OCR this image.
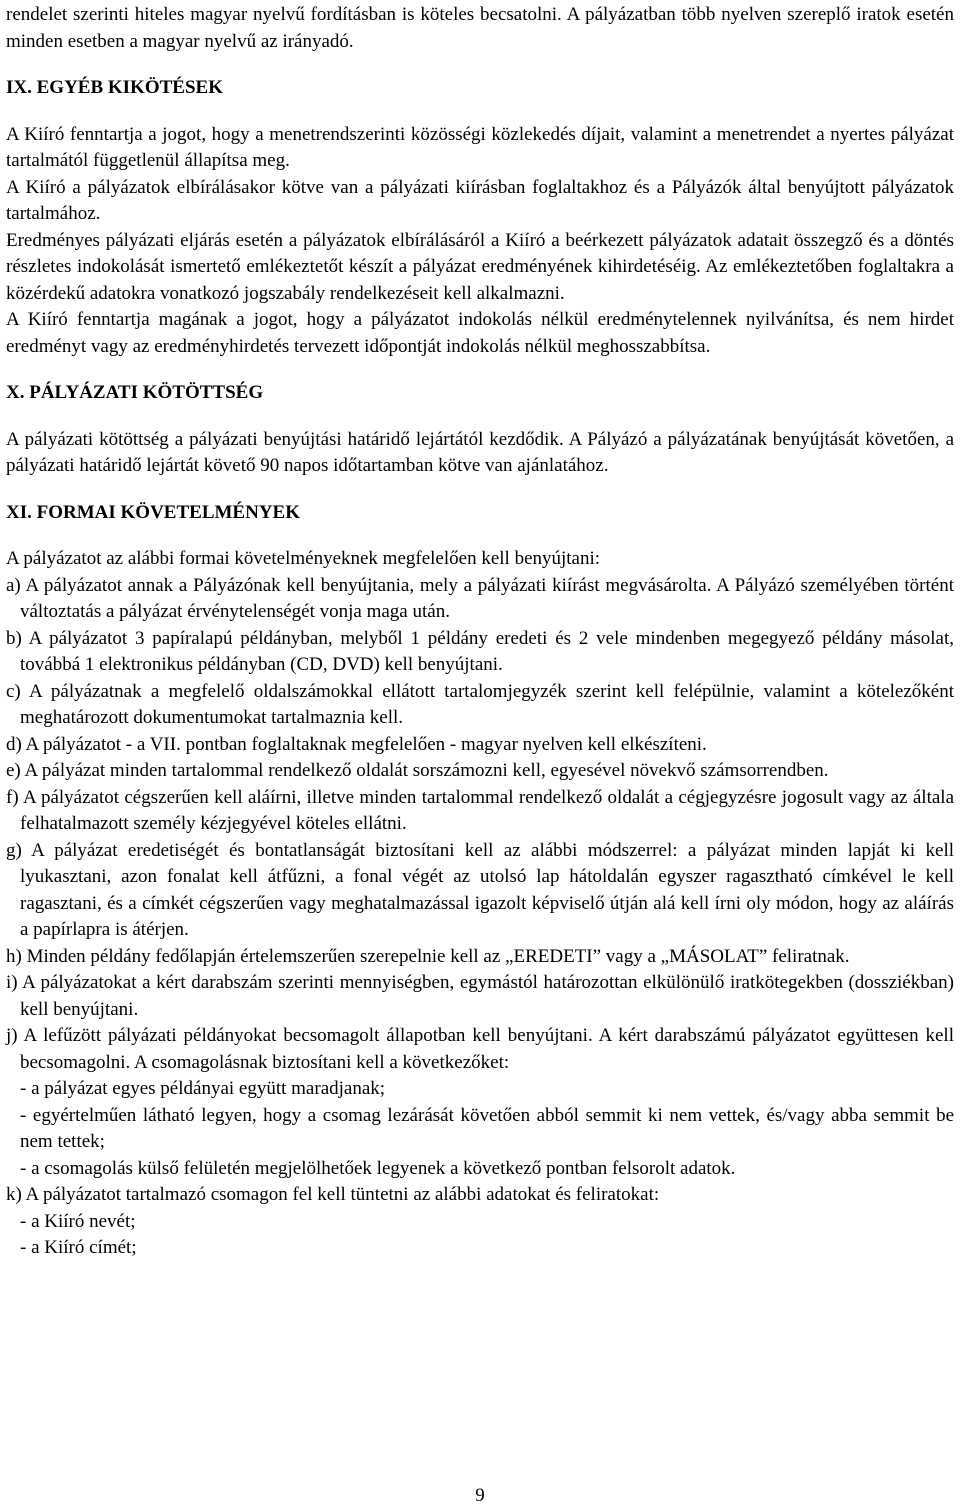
rendelet szerinti hiteles magyar nyelvű fordításban is köteles becsatolni. A pályázatban több nyelven szereplő iratok esetén minden esetben a magyar nyelvű az irányadó.

IX. EGYÉB KIKÖTÉSEK

A Kiíró fenntartja a jogot, hogy a menetrendszerinti közösségi közlekedés díjait, valamint a menetrendet a nyertes pályázat tartalmától függetlenül állapítsa meg.

A Kiíró a pályázatok elbírálásakor kötve van a pályázati kiírásban foglaltakhoz és a Pályázók által benyújtott pályázatok tartalmához.

Eredményes pályázati eljárás esetén a pályázatok elbírálásáról a Kiíró a beérkezett pályázatok adatait összegző és a döntés részletes indokolását ismertető emlékeztetőt készít a pályázat eredményének kihirdetéséig. Az emlékeztetőben foglaltakra a közérdekű adatokra vonatkozó jogszabály rendelkezéseit kell alkalmazni.

A Kiíró fenntartja magának a jogot, hogy a pályázatot indokolás nélkül eredménytelennek nyilvánítsa, és nem hirdet eredményt vagy az eredményhirdetés tervezett időpontját indokolás nélkül meghosszabbítsa.

X. PÁLYÁZATI KÖTÖTTSÉG

A pályázati kötöttség a pályázati benyújtási határidő lejártától kezdődik. A Pályázó a pályázatának benyújtását követően, a pályázati határidő lejártát követő 90 napos időtartamban kötve van ajánlatához.

XI. FORMAI KÖVETELMÉNYEK

A pályázatot az alábbi formai követelményeknek megfelelően kell benyújtani:

a) A pályázatot annak a Pályázónak kell benyújtania, mely a pályázati kiírást megvásárolta. A Pályázó személyében történt változtatás a pályázat érvénytelenségét vonja maga után.

b) A pályázatot 3 papíralapú példányban, melyből 1 példány eredeti és 2 vele mindenben megegyező példány másolat, továbbá 1 elektronikus példányban (CD, DVD) kell benyújtani.

c) A pályázatnak a megfelelő oldalszámokkal ellátott tartalomjegyzék szerint kell felépülnie, valamint a kötelezőként meghatározott dokumentumokat tartalmaznia kell.

d) A pályázatot - a VII. pontban foglaltaknak megfelelően - magyar nyelven kell elkészíteni.

e) A pályázat minden tartalommal rendelkező oldalát sorszámozni kell, egyesével növekvő számsorrendben.

f) A pályázatot cégszerűen kell aláírni, illetve minden tartalommal rendelkező oldalát a cégjegyzésre jogosult vagy az általa felhatalmazott személy kézjegyével köteles ellátni.

g) A pályázat eredetiségét és bontatlanságát biztosítani kell az alábbi módszerrel: a pályázat minden lapját ki kell lyukasztani, azon fonalat kell átfűzni, a fonal végét az utolsó lap hátoldalán egyszer ragasztható címkével le kell ragasztani, és a címkét cégszerűen vagy meghatalmazással igazolt képviselő útján alá kell írni oly módon, hogy az aláírás a papírlapra is átérjen.

h) Minden példány fedőlapján értelemszerűen szerepelnie kell az „EREDETI” vagy a „MÁSOLAT” feliratnak.

i) A pályázatokat a kért darabszám szerinti mennyiségben, egymástól határozottan elkülönülő iratkötegekben (dossziékban) kell benyújtani.

j) A lefűzött pályázati példányokat becsomagolt állapotban kell benyújtani. A kért darabszámú pályázatot együttesen kell becsomagolni. A csomagolásnak biztosítani kell a következőket:

- a pályázat egyes példányai együtt maradjanak;

- egyértelműen látható legyen, hogy a csomag lezárását követően abból semmit ki nem vettek, és/vagy abba semmit be nem tettek;

- a csomagolás külső felületén megjelölhetőek legyenek a következő pontban felsorolt adatok.

k) A pályázatot tartalmazó csomagon fel kell tüntetni az alábbi adatokat és feliratokat:

- a Kiíró nevét;

- a Kiíró címét;

9
